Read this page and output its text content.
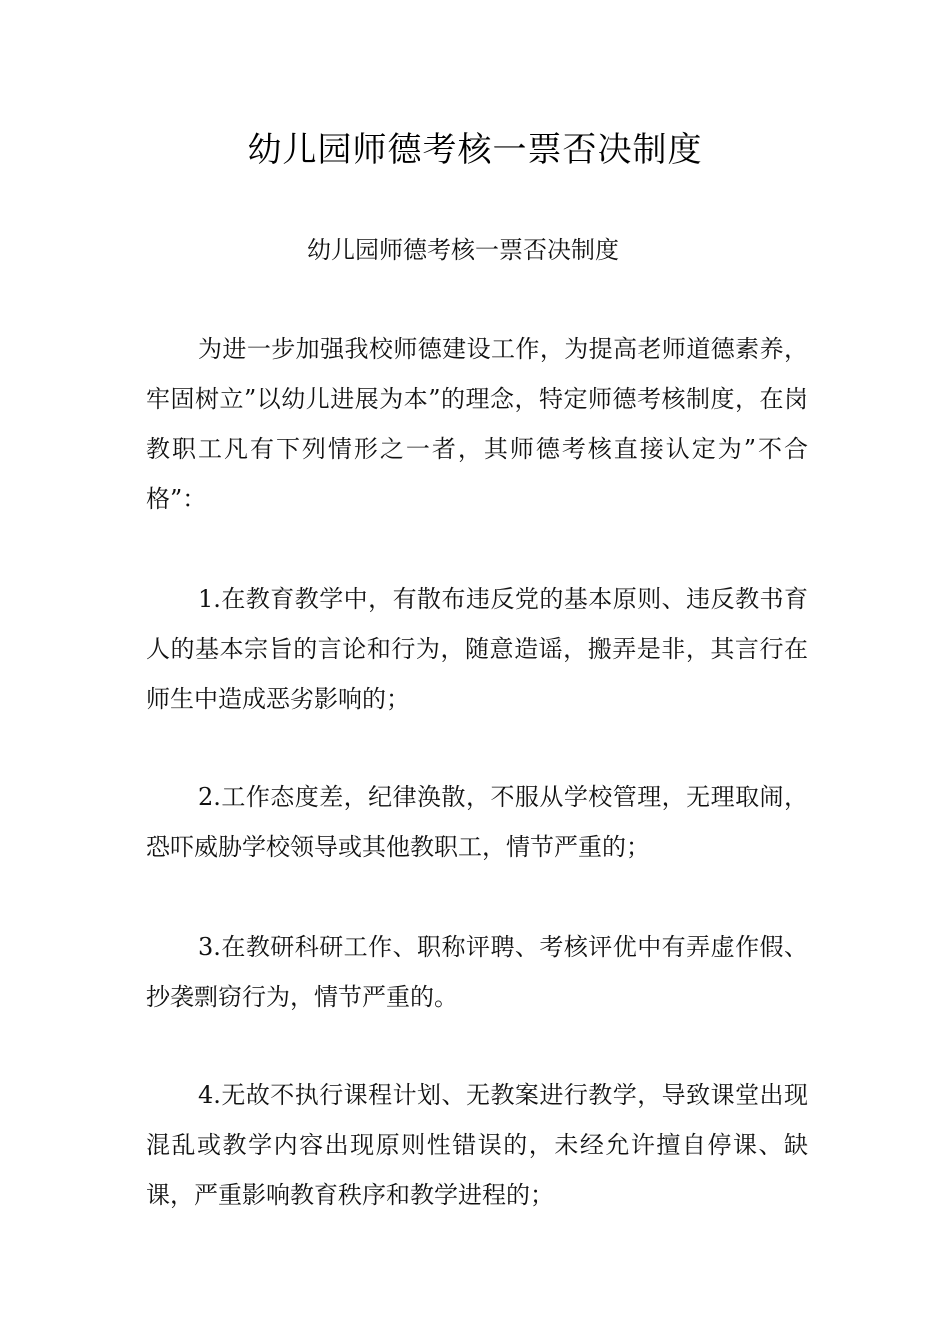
幼儿园师德考核一票否决制度

幼儿园师德考核一票否决制度

为进一步加强我校师德建设工作，为提高老师道德素养，牢固树立”以幼儿进展为本”的理念，特定师德考核制度，在岗教职工凡有下列情形之一者，其师德考核直接认定为”不合格”：

1.在教育教学中，有散布违反党的基本原则、违反教书育人的基本宗旨的言论和行为，随意造谣，搬弄是非，其言行在师生中造成恶劣影响的；

2.工作态度差，纪律涣散，不服从学校管理，无理取闹，恐吓威胁学校领导或其他教职工，情节严重的；

3.在教研科研工作、职称评聘、考核评优中有弄虚作假、抄袭剽窃行为，情节严重的。

4.无故不执行课程计划、无教案进行教学，导致课堂出现混乱或教学内容出现原则性错误的，未经允许擅自停课、缺课，严重影响教育秩序和教学进程的；
